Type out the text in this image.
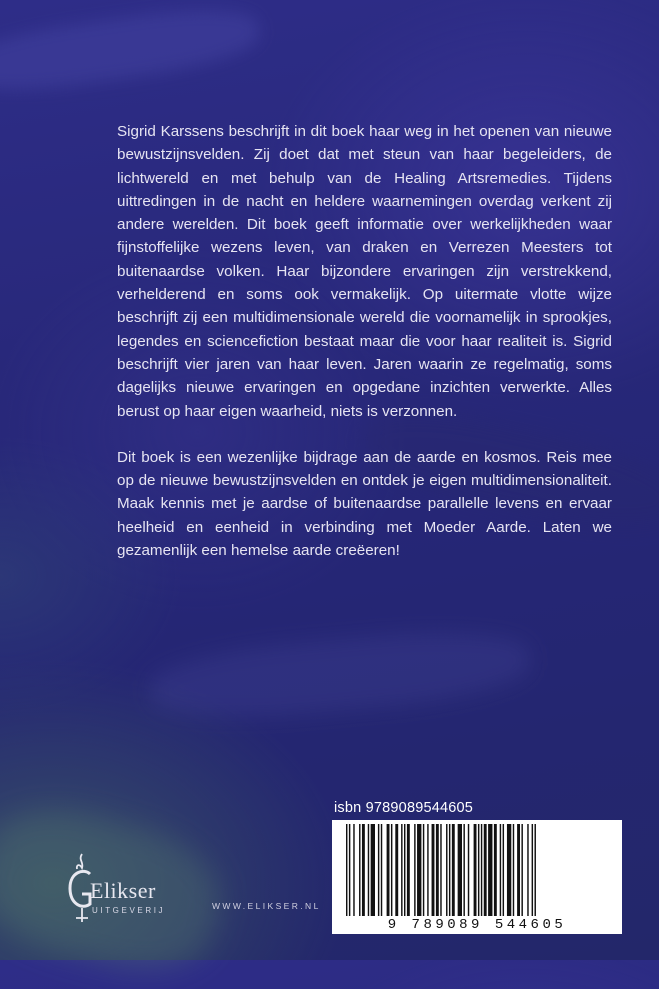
Sigrid Karssens beschrijft in dit boek haar weg in het openen van nieuwe bewustzijnsvelden. Zij doet dat met steun van haar begeleiders, de lichtwereld en met behulp van de Healing Artsremedies. Tijdens uittredingen in de nacht en heldere waarnemingen overdag verkent zij andere werelden. Dit boek geeft informatie over werkelijkheden waar fijnstoffelijke wezens leven, van draken en Verrezen Meesters tot buitenaardse volken. Haar bijzondere ervaringen zijn verstrekkend, verhelderend en soms ook vermakelijk. Op uitermate vlotte wijze beschrijft zij een multidimensionale wereld die voornamelijk in sprookjes, legendes en sciencefiction bestaat maar die voor haar realiteit is. Sigrid beschrijft vier jaren van haar leven. Jaren waarin ze regelmatig, soms dagelijks nieuwe ervaringen en opgedane inzichten verwerkte. Alles berust op haar eigen waarheid, niets is verzonnen.

Dit boek is een wezenlijke bijdrage aan de aarde en kosmos. Reis mee op de nieuwe bewustzijnsvelden en ontdek je eigen multidimensionaliteit. Maak kennis met je aardse of buitenaardse parallelle levens en ervaar heelheid en eenheid in verbinding met Moeder Aarde. Laten we gezamenlijk een hemelse aarde creëeren!

isbn 9789089544605
9 789089 544605
Elikser
UITGEVERIJ	WWW.ELIKSER.NL
